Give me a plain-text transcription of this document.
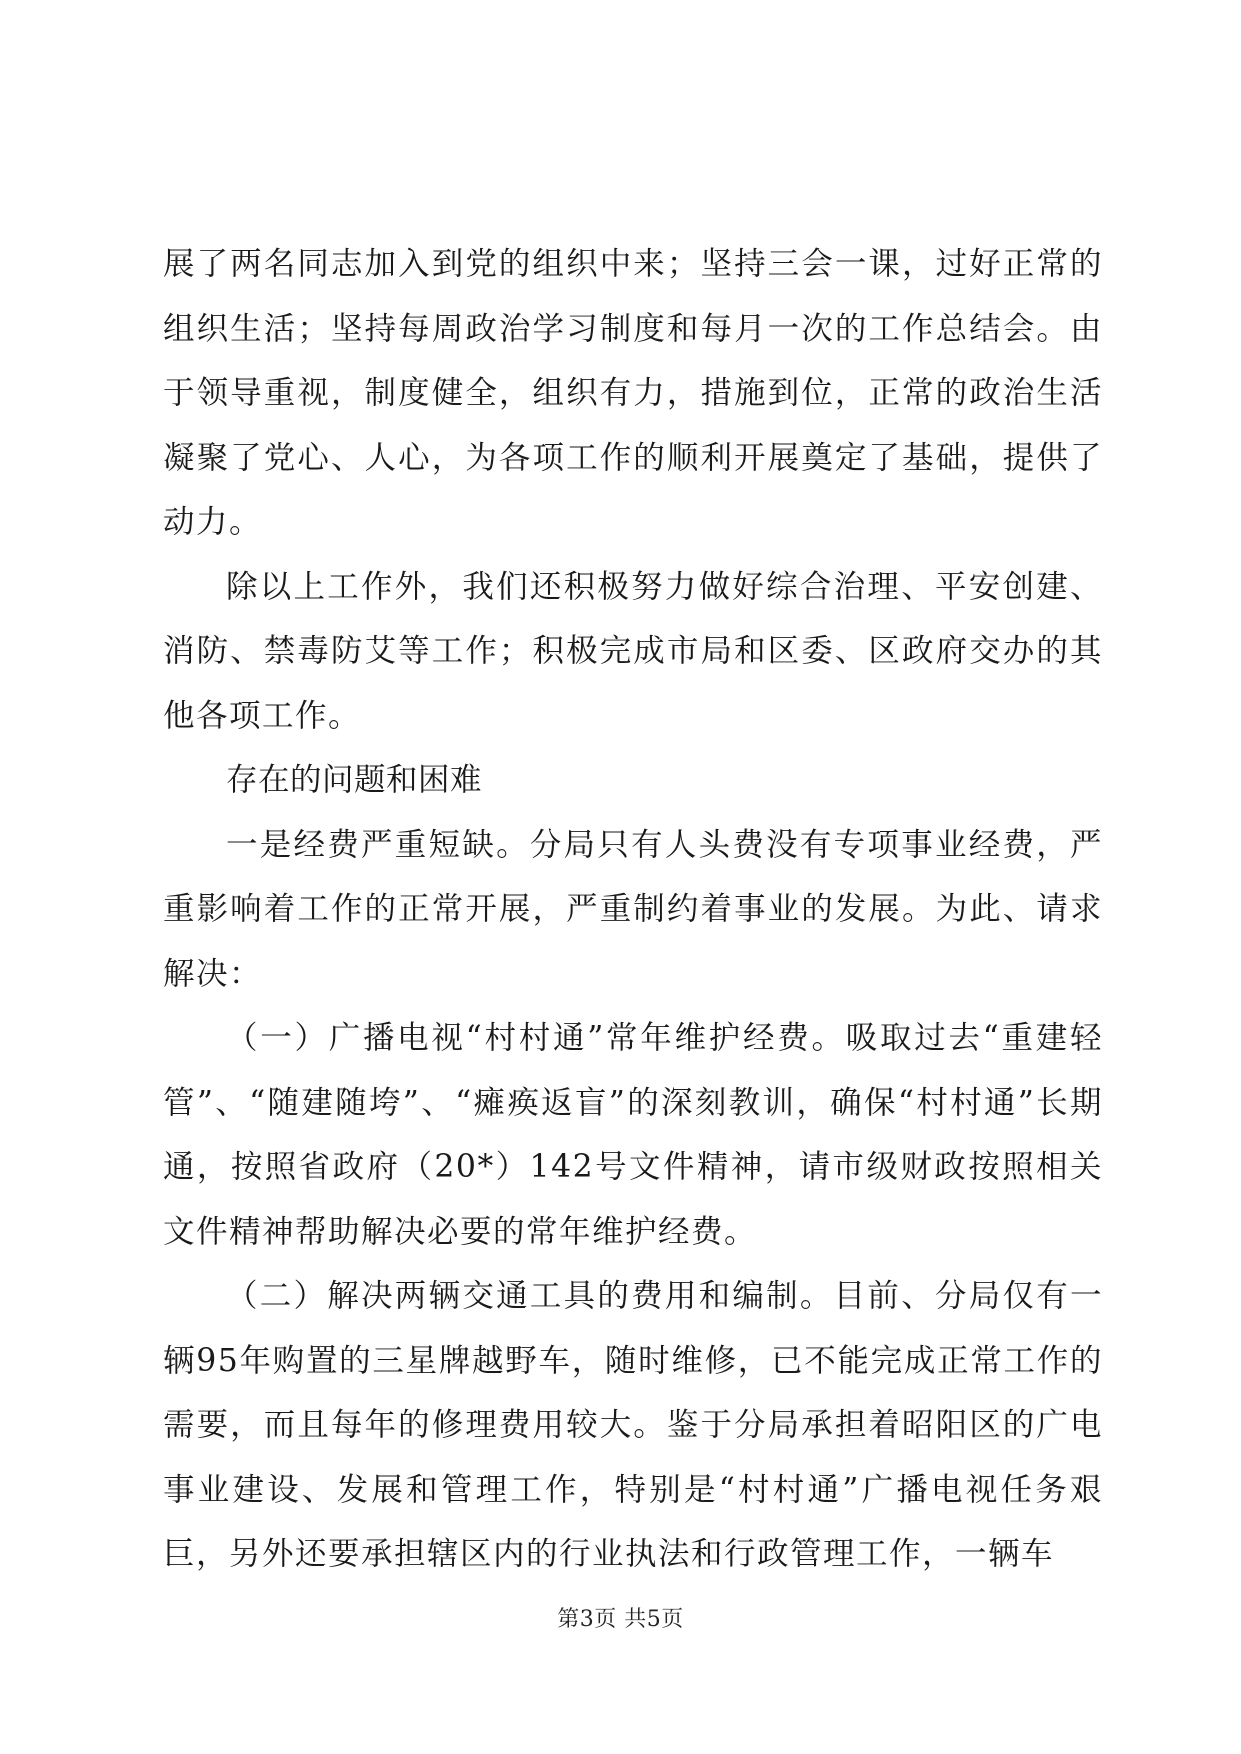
展了两名同志加入到党的组织中来；坚持三会一课，过好正常的组织生活；坚持每周政治学习制度和每月一次的工作总结会。由于领导重视，制度健全，组织有力，措施到位，正常的政治生活凝聚了党心、人心，为各项工作的顺利开展奠定了基础，提供了动力。

除以上工作外，我们还积极努力做好综合治理、平安创建、消防、禁毒防艾等工作；积极完成市局和区委、区政府交办的其他各项工作。

存在的问题和困难

一是经费严重短缺。分局只有人头费没有专项事业经费，严重影响着工作的正常开展，严重制约着事业的发展。为此、请求解决：

（一）广播电视“村村通”常年维护经费。吸取过去“重建轻管”、“随建随垮”、“瘫痪返盲”的深刻教训，确保“村村通”长期通，按照省政府（20*）142号文件精神，请市级财政按照相关文件精神帮助解决必要的常年维护经费。

（二）解决两辆交通工具的费用和编制。目前、分局仅有一辆95年购置的三星牌越野车，随时维修，已不能完成正常工作的需要，而且每年的修理费用较大。鉴于分局承担着昭阳区的广电事业建设、发展和管理工作，特别是“村村通”广播电视任务艰巨，另外还要承担辖区内的行业执法和行政管理工作，一辆车

第3页 共5页
